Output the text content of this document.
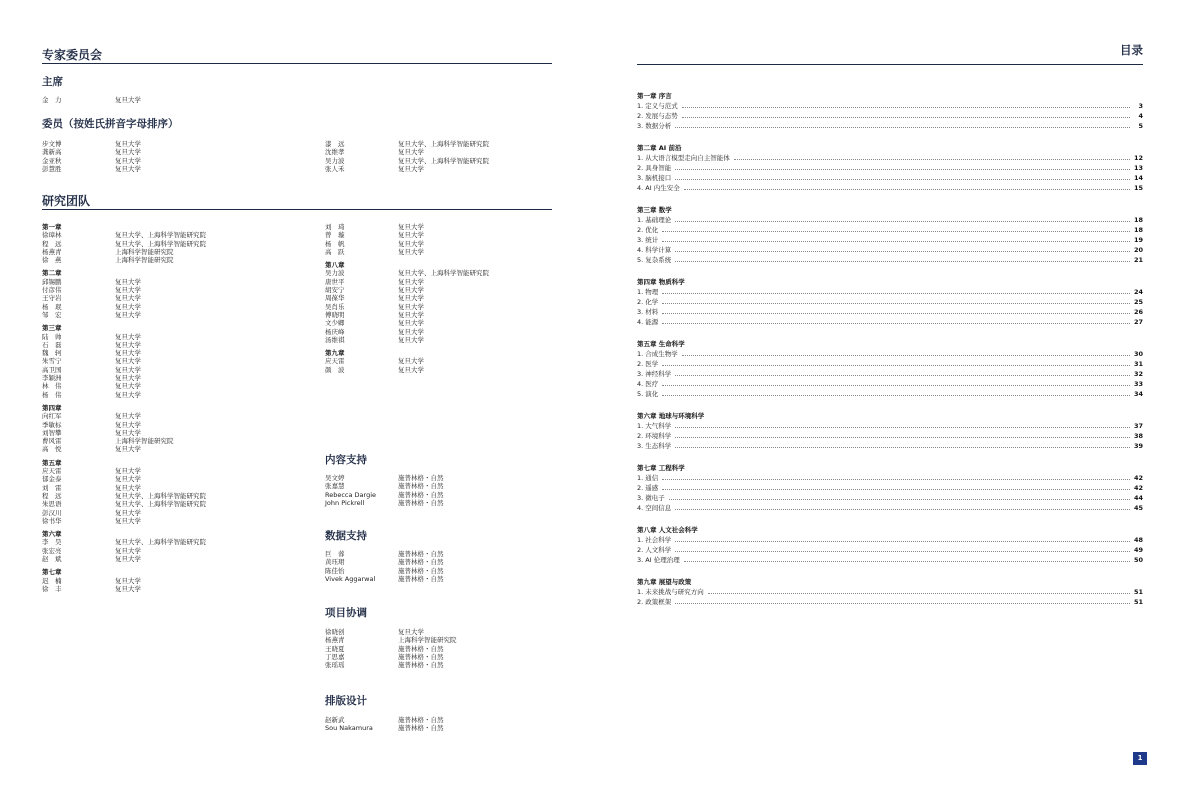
专家委员会
主席
金　力	复旦大学
委员（按姓氏拼音字母排序）
步文博	复旦大学
龚新高	复旦大学
金亚秋	复旦大学
彭慧胜	复旦大学
漆　远	复旦大学、上海科学智能研究院
沈维孝	复旦大学
吴力波	复旦大学、上海科学智能研究院
张人禾	复旦大学
研究团队
第一章
徐璋林	复旦大学、上海科学智能研究院
程　远	复旦大学、上海科学智能研究院
杨燕青	上海科学智能研究院
徐　燕	上海科学智能研究院
第二章
邱锡鹏	复旦大学
付彦伟	复旦大学
王守岩	复旦大学
杨　珉	复旦大学
邹　宏	复旦大学
第三章
陆　帅	复旦大学
石　磊	复旦大学
魏　轲	复旦大学
朱雪宁	复旦大学
高卫国	复旦大学
李颖洲	复旦大学
林　伟	复旦大学
杨　伟	复旦大学
第四章
向红军	复旦大学
季敏标	复旦大学
刘智攀	复旦大学
曹风雷	上海科学智能研究院
高　悦	复旦大学
第五章
应天雷	复旦大学
郁金泰	复旦大学
刘　雷	复旦大学
程　远	复旦大学、上海科学智能研究院
朱思语	复旦大学、上海科学智能研究院
彭汉川	复旦大学
徐书华	复旦大学
第六章
李　昊	复旦大学、上海科学智能研究院
张宏亮	复旦大学
赵　斌	复旦大学
第七章
迟　楠	复旦大学
徐　丰	复旦大学
刘　琦	复旦大学
曾　璇	复旦大学
杨　帆	复旦大学
高　跃	复旦大学
第八章
吴力波	复旦大学、上海科学智能研究院
唐世平	复旦大学
胡安宁	复旦大学
周葆华	复旦大学
吴肖乐	复旦大学
傅晓明	复旦大学
文少卿	复旦大学
杨庆峰	复旦大学
汤维祺	复旦大学
第九章
应天雷	复旦大学
颜　波	复旦大学
内容支持
吴文婷	施普林格・自然
张嘉慧	施普林格・自然
Rebecca Dargie	施普林格・自然
John Pickrell	施普林格・自然
数据支持
巨　蓉	施普林格・自然
黄珏珺	施普林格・自然
陈佳怡	施普林格・自然
Vivek Aggarwal	施普林格・自然
项目协调
徐晓创	复旦大学
杨燕青	上海科学智能研究院
王晓夏	施普林格・自然
丁思嘉	施普林格・自然
张瑶瑶	施普林格・自然
排版设计
赵新武	施普林格・自然
Sou Nakamura	施普林格・自然
目录
第一章 序言
1. 定义与范式	3
2. 发展与态势	4
3. 数据分析	5
第二章 AI 前沿
1. 从大语言模型走向自主智能体	12
2. 具身智能	13
3. 脑机接口	14
4. AI 内生安全	15
第三章 数学
1. 基础理论	18
2. 优化	18
3. 统计	19
4. 科学计算	20
5. 复杂系统	21
第四章 物质科学
1. 物理	24
2. 化学	25
3. 材料	26
4. 能源	27
第五章 生命科学
1. 合成生物学	30
2. 医学	31
3. 神经科学	32
4. 医疗	33
5. 演化	34
第六章 地球与环境科学
1. 大气科学	37
2. 环境科学	38
3. 生态科学	39
第七章 工程科学
1. 通信	42
2. 遥感	42
3. 微电子	44
4. 空间信息	45
第八章 人文社会科学
1. 社会科学	48
2. 人文科学	49
3. AI 伦理治理	50
第九章 展望与政策
1. 未来挑战与研究方向	51
2. 政策框架	51
1
